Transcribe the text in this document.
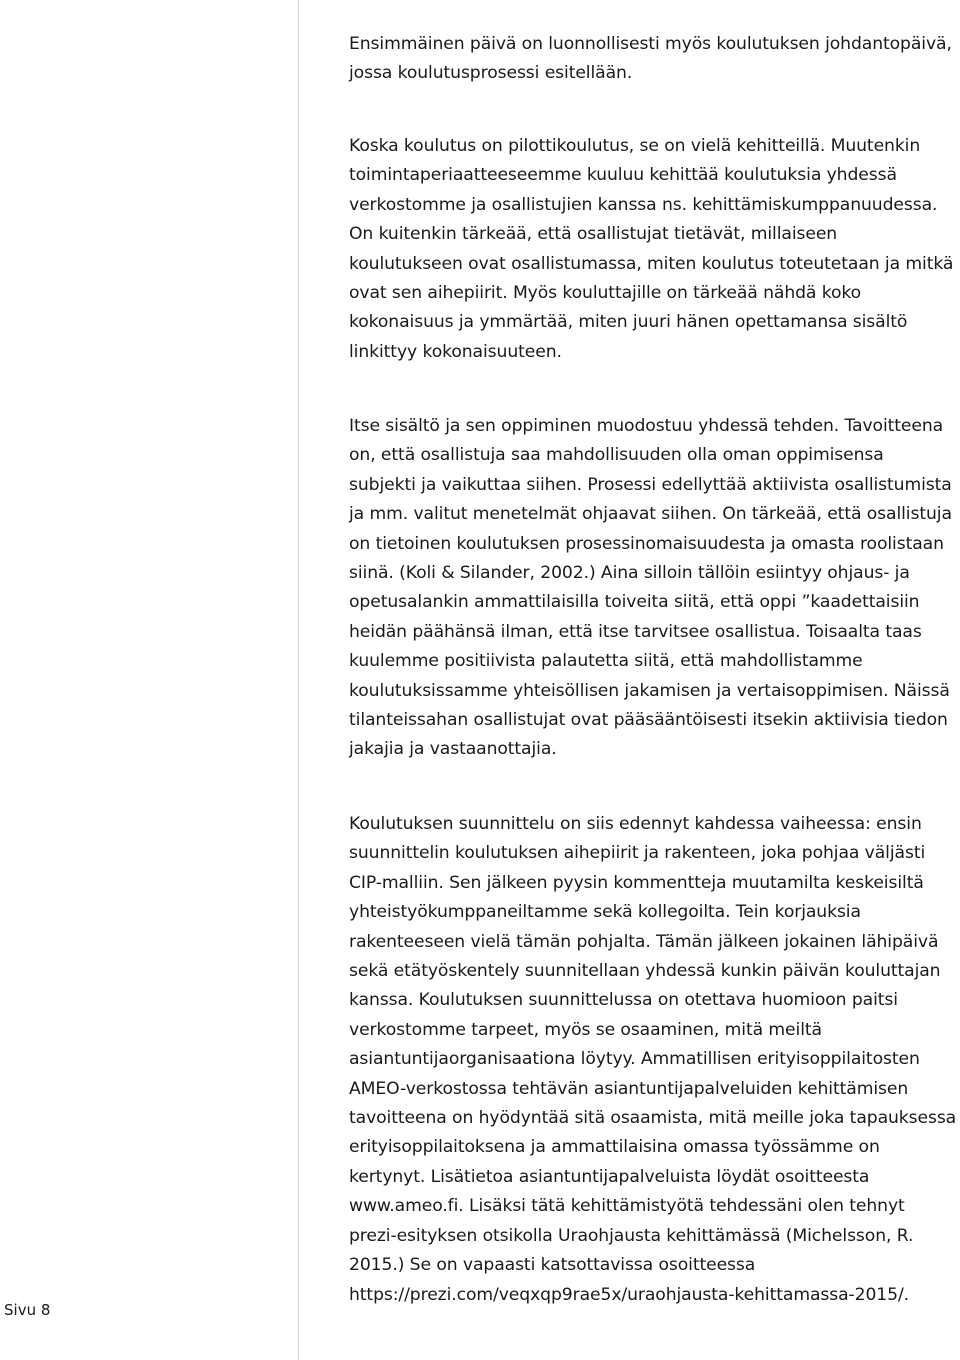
Ensimmäinen päivä on luonnollisesti myös koulutuksen johdantopäivä,
jossa koulutusprosessi esitellään.
Koska koulutus on pilottikoulutus, se on vielä kehitteillä. Muutenkin
toimintaperiaatteeseemme kuuluu kehittää koulutuksia yhdessä
verkostomme ja osallistujien kanssa ns. kehittämiskumppanuudessa.
On kuitenkin tärkeää, että osallistujat tietävät, millaiseen
koulutukseen ovat osallistumassa, miten koulutus toteutetaan ja mitkä
ovat sen aihepiirit. Myös kouluttajille on tärkeää nähdä koko
kokonaisuus ja ymmärtää, miten juuri hänen opettamansa sisältö
linkittyy kokonaisuuteen.
Itse sisältö ja sen oppiminen muodostuu yhdessä tehden. Tavoitteena
on, että osallistuja saa mahdollisuuden olla oman oppimisensa
subjekti ja vaikuttaa siihen. Prosessi edellyttää aktiivista osallistumista
ja mm. valitut menetelmät ohjaavat siihen. On tärkeää, että osallistuja
on tietoinen koulutuksen prosessinomaisuudesta ja omasta roolistaan
siinä. (Koli & Silander, 2002.) Aina silloin tällöin esiintyy ohjaus- ja
opetusalankin ammattilaisilla toiveita siitä, että oppi ”kaadettaisiin
heidän päähänsä ilman, että itse tarvitsee osallistua. Toisaalta taas
kuulemme positiivista palautetta siitä, että mahdollistamme
koulutuksissamme yhteisöllisen jakamisen ja vertaisoppimisen. Näissä
tilanteissahan osallistujat ovat pääsääntöisesti itsekin aktiivisia tiedon
jakajia ja vastaanottajia.
Koulutuksen suunnittelu on siis edennyt kahdessa vaiheessa: ensin
suunnittelin koulutuksen aihepiirit ja rakenteen, joka pohjaa väljästi
CIP-malliin. Sen jälkeen pyysin kommentteja muutamilta keskeisiltä
yhteistyökumppaneiltamme sekä kollegoilta. Tein korjauksia
rakenteeseen vielä tämän pohjalta. Tämän jälkeen jokainen lähipäivä
sekä etätyöskentely suunnitellaan yhdessä kunkin päivän kouluttajan
kanssa. Koulutuksen suunnittelussa on otettava huomioon paitsi
verkostomme tarpeet, myös se osaaminen, mitä meiltä
asiantuntijaorganisaationa löytyy. Ammatillisen erityisoppilaitosten
AMEO-verkostossa tehtävän asiantuntijapalveluiden kehittämisen
tavoitteena on hyödyntää sitä osaamista, mitä meille joka tapauksessa
erityisoppilaitoksena ja ammattilaisina omassa työssämme on
kertynyt. Lisätietoa asiantuntijapalveluista löydät osoitteesta
www.ameo.fi. Lisäksi tätä kehittämistyötä tehdessäni olen tehnyt
prezi-esityksen otsikolla Uraohjausta kehittämässä (Michelsson, R.
2015.) Se on vapaasti katsottavissa osoitteessa
https://prezi.com/veqxqp9rae5x/uraohjausta-kehittamassa-2015/.
Sivu 8
